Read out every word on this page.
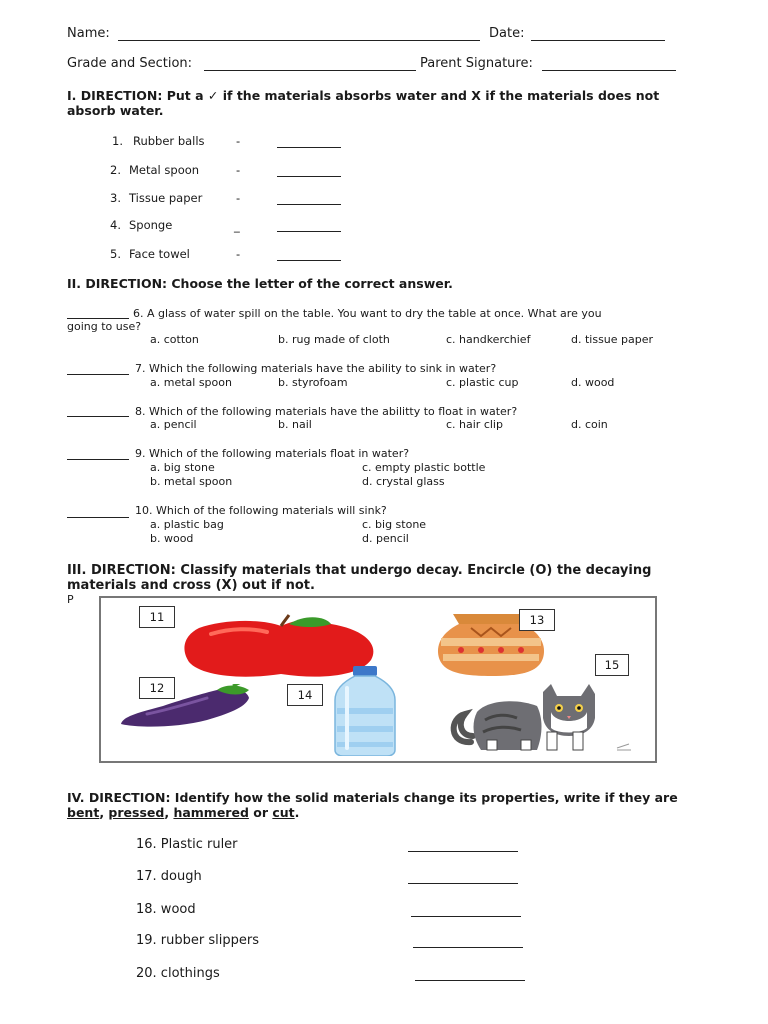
Name:	Date:
Grade and Section:	Parent Signature:
I. DIRECTION: Put a ✓ if the materials absorbs water and X if the materials does not absorb water.
1. Rubber balls	-
2. Metal spoon	-
3. Tissue paper	-
4. Sponge	_
5. Face towel	-
II. DIRECTION: Choose the letter of the correct answer.
6. A glass of water spill on the table. You want to dry the table at once. What are you
going to use?
a. cotton	b. rug made of cloth	c. handkerchief	d. tissue paper
7. Which the following materials have the ability to sink in water?
a. metal spoon	b. styrofoam	c. plastic cup	d. wood
8. Which of the following materials have the abilitty to float in water?
a. pencil	b. nail	c. hair clip	d. coin
9. Which of the following materials float in water?
a. big stone	c. empty plastic bottle
b. metal spoon	d. crystal glass
10. Which of the following materials will sink?
a. plastic bag	c. big stone
b. wood	d. pencil
III. DIRECTION: Classify materials that undergo decay. Encircle (O) the decaying materials and cross (X) out if not.
P
11
12
13
14
15
IV. DIRECTION: Identify how the solid materials change its properties, write if they are bent, pressed, hammered or cut.
16. Plastic ruler
17. dough
18. wood
19. rubber slippers
20. clothings
